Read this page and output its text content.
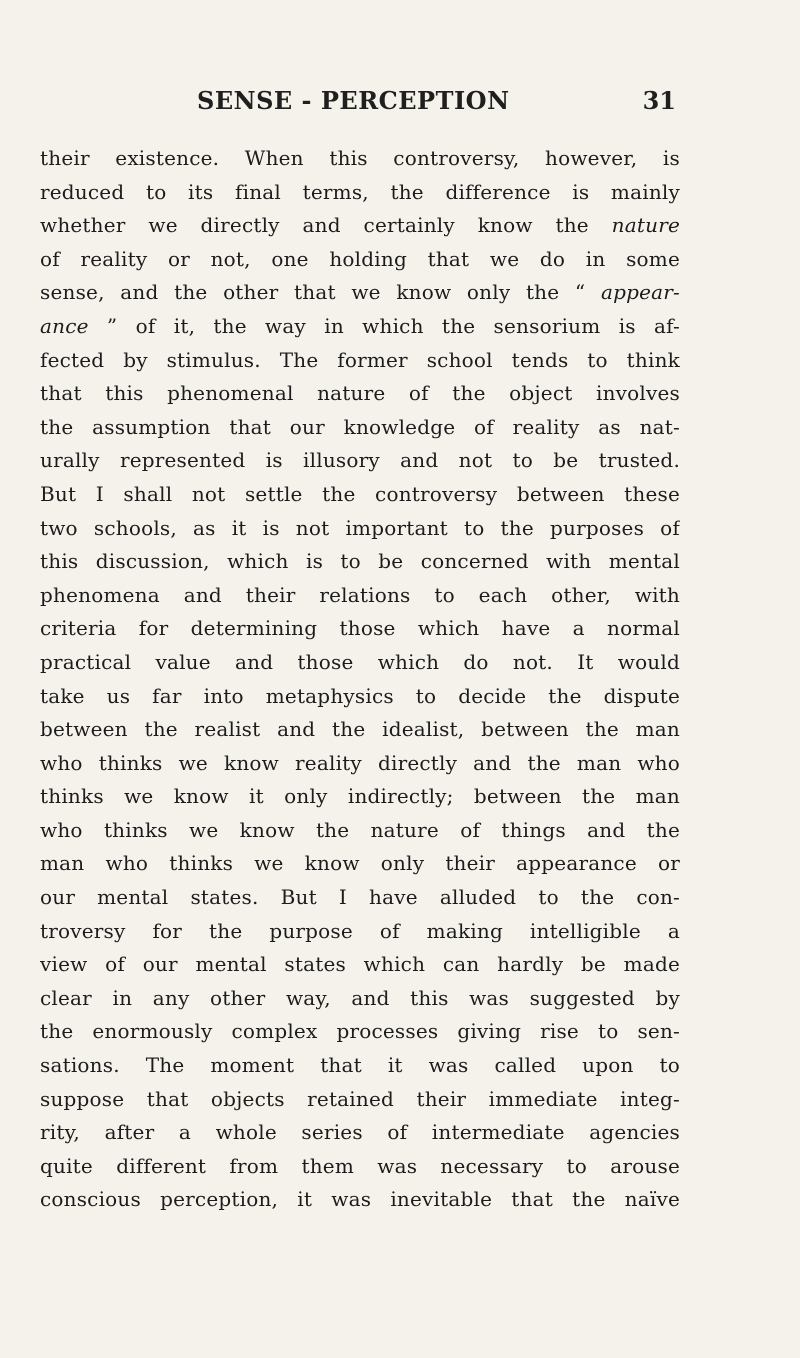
SENSE - PERCEPTION	31
their existence. When this controversy, however, is
reduced to its final terms, the difference is mainly
whether we directly and certainly know the nature
of reality or not, one holding that we do in some
sense, and the other that we know only the “ appear-
ance ” of it, the way in which the sensorium is af-
fected by stimulus. The former school tends to think
that this phenomenal nature of the object involves
the assumption that our knowledge of reality as nat-
urally represented is illusory and not to be trusted.
But I shall not settle the controversy between these
two schools, as it is not important to the purposes of
this discussion, which is to be concerned with mental
phenomena and their relations to each other, with
criteria for determining those which have a normal
practical value and those which do not. It would
take us far into metaphysics to decide the dispute
between the realist and the idealist, between the man
who thinks we know reality directly and the man who
thinks we know it only indirectly; between the man
who thinks we know the nature of things and the
man who thinks we know only their appearance or
our mental states. But I have alluded to the con-
troversy for the purpose of making intelligible a
view of our mental states which can hardly be made
clear in any other way, and this was suggested by
the enormously complex processes giving rise to sen-
sations. The moment that it was called upon to
suppose that objects retained their immediate integ-
rity, after a whole series of intermediate agencies
quite different from them was necessary to arouse
conscious perception, it was inevitable that the naïve
